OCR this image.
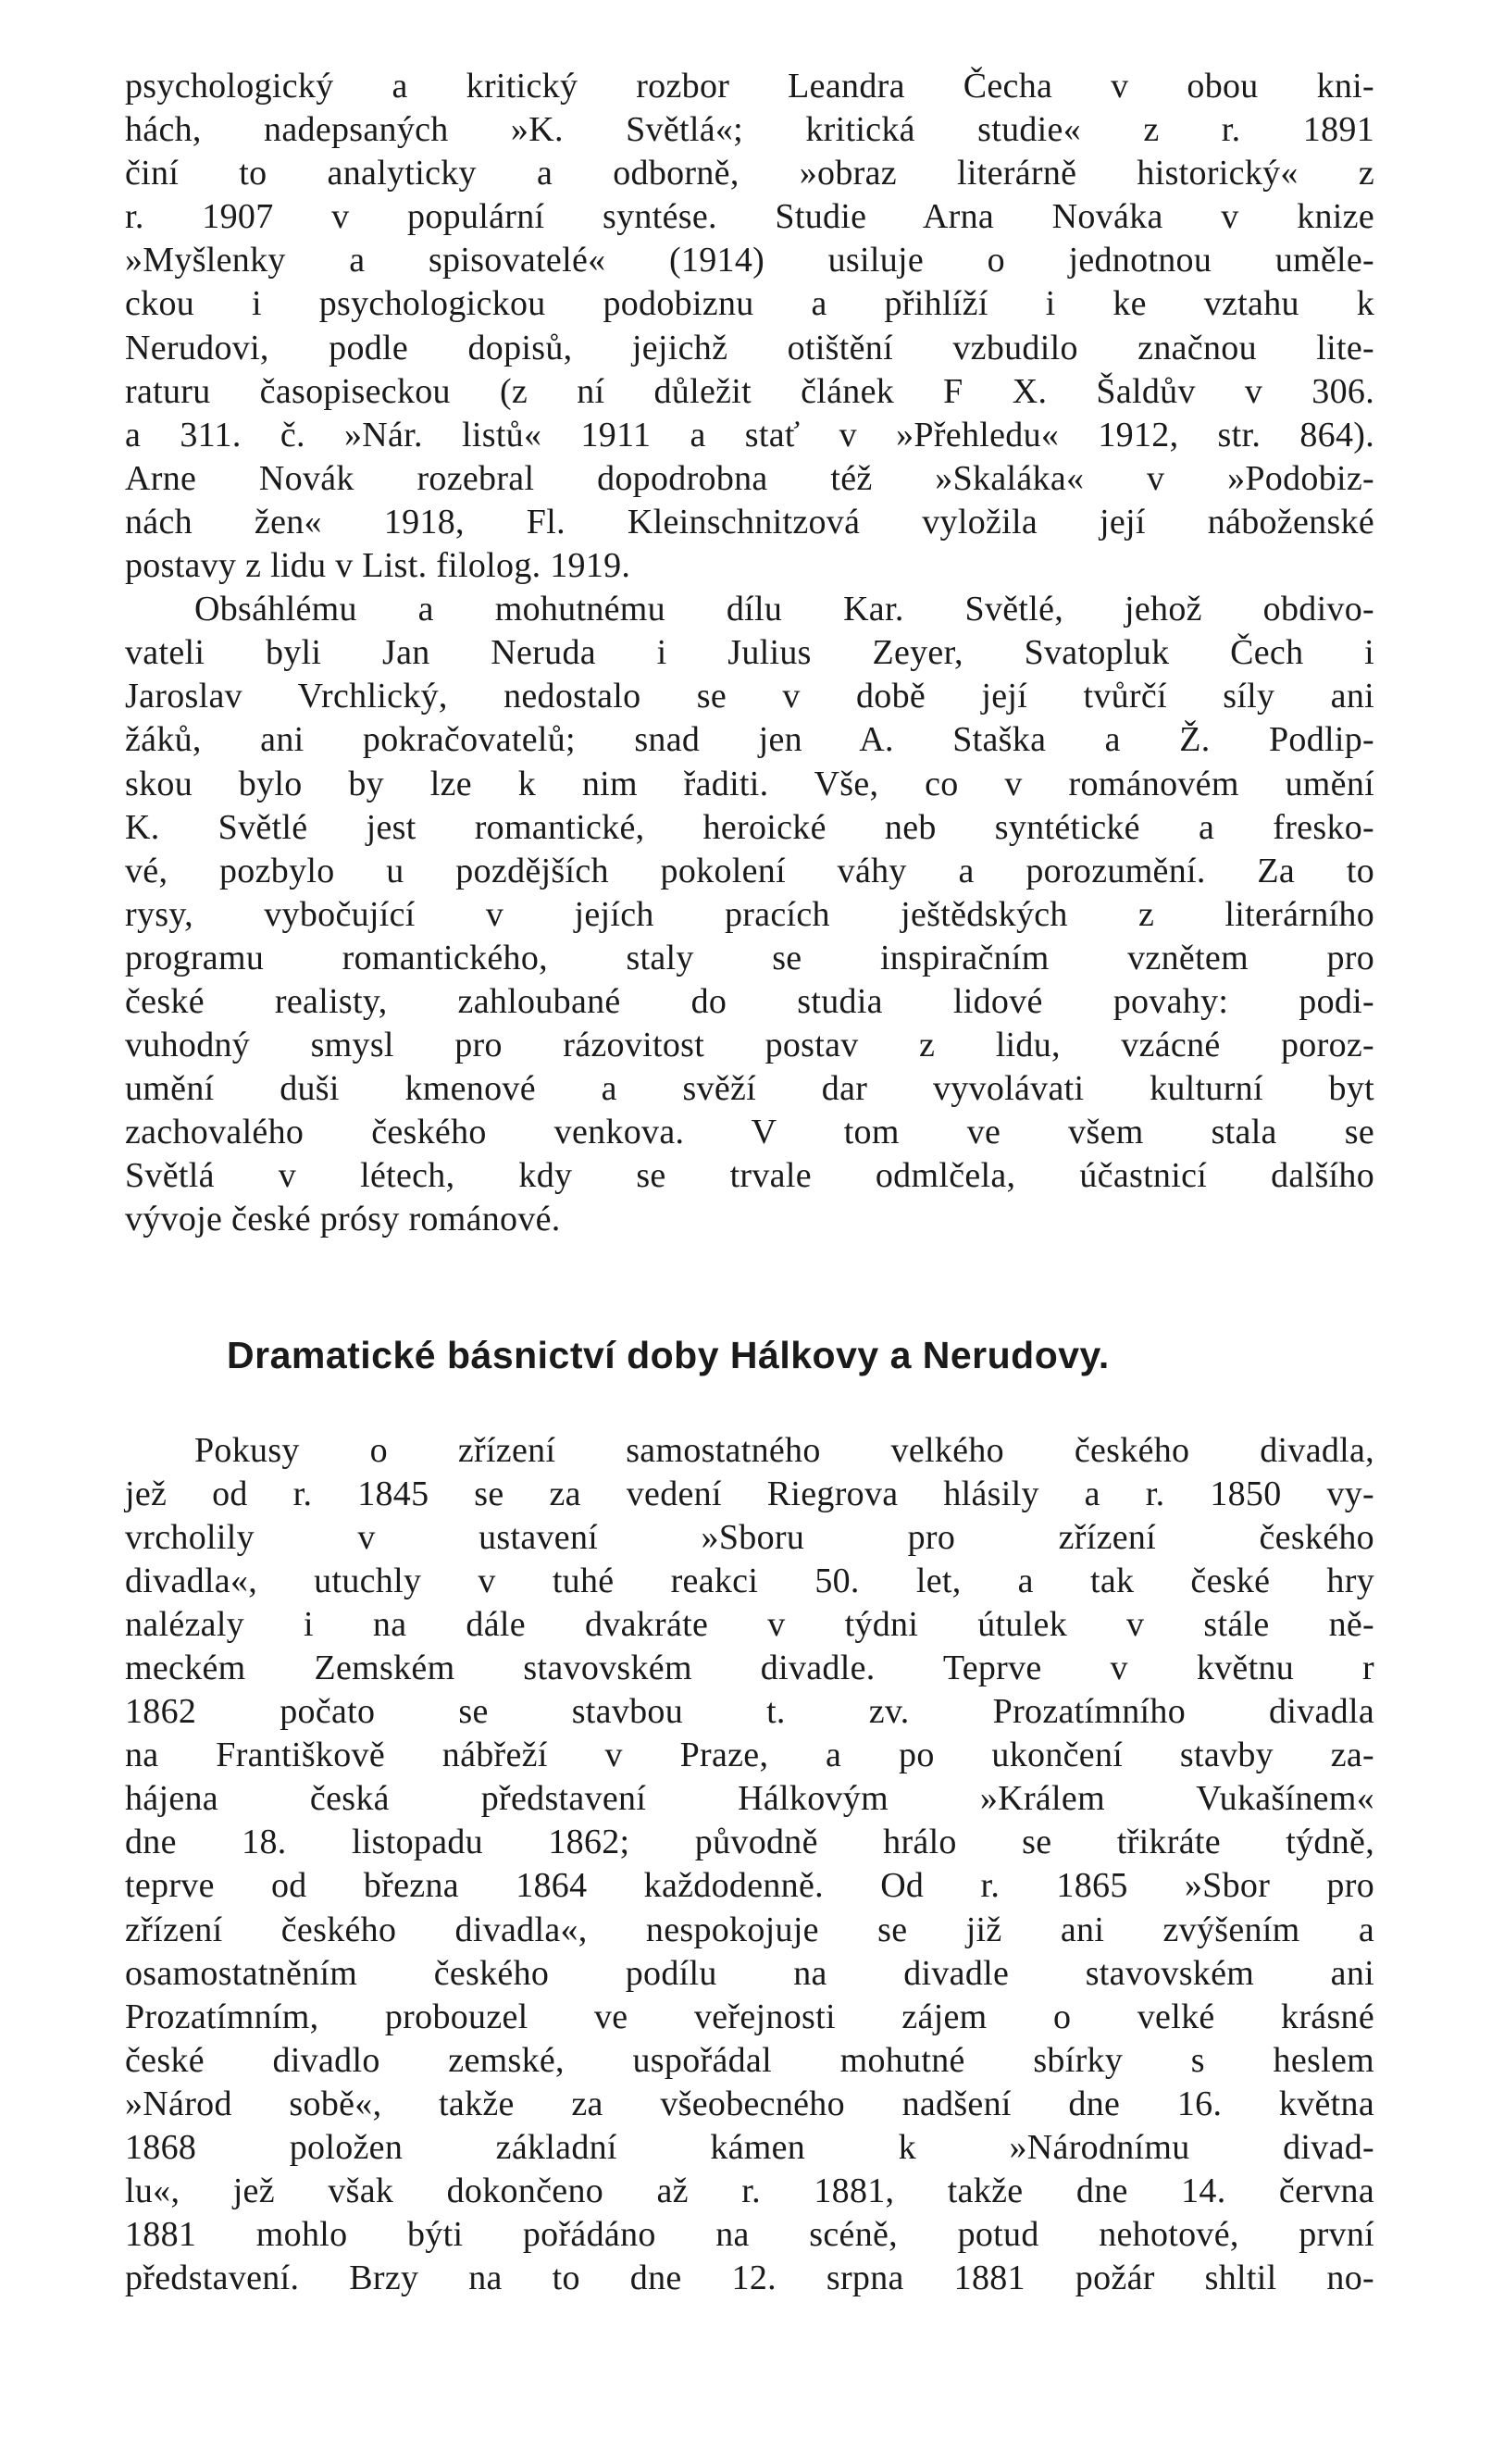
psychologický a kritický rozbor Leandra Čecha v obou kni-
hách, nadepsaných »K. Světlá«; kritická studie« z r. 1891
činí to analyticky a odborně, »obraz literárně historický« z
r. 1907 v populární syntése. Studie Arna Nováka v knize
»Myšlenky a spisovatelé« (1914) usiluje o jednotnou uměle-
ckou i psychologickou podobiznu a přihlíží i ke vztahu k
Nerudovi, podle dopisů, jejichž otištění vzbudilo značnou lite-
raturu časopiseckou (z ní důležit článek F X. Šaldův v 306.
a 311. č. »Nár. listů« 1911 a stať v »Přehledu« 1912, str. 864).
Arne Novák rozebral dopodrobna též »Skaláka« v »Podobiz-
nách žen« 1918, Fl. Kleinschnitzová vyložila její náboženské
postavy z lidu v List. filolog. 1919.
Obsáhlému a mohutnému dílu Kar. Světlé, jehož obdivo-
vateli byli Jan Neruda i Julius Zeyer, Svatopluk Čech i
Jaroslav Vrchlický, nedostalo se v době její tvůrčí síly ani
žáků, ani pokračovatelů; snad jen A. Staška a Ž. Podlip-
skou bylo by lze k nim řaditi. Vše, co v románovém umění
K. Světlé jest romantické, heroické neb syntétické a fresko-
vé, pozbylo u pozdějších pokolení váhy a porozumění. Za to
rysy, vybočující v jejích pracích ještědských z literárního
programu romantického, staly se inspiračním vznětem pro
české realisty, zahloubané do studia lidové povahy: podi-
vuhodný smysl pro rázovitost postav z lidu, vzácné poroz-
umění duši kmenové a svěží dar vyvolávati kulturní byt
zachovalého českého venkova. V tom ve všem stala se
Světlá v létech, kdy se trvale odmlčela, účastnicí dalšího
vývoje české prósy románové.
Dramatické básnictví doby Hálkovy a Nerudovy.
Pokusy o zřízení samostatného velkého českého divadla,
jež od r. 1845 se za vedení Riegrova hlásily a r. 1850 vy-
vrcholily v ustavení »Sboru pro zřízení českého
divadla«, utuchly v tuhé reakci 50. let, a tak české hry
nalézaly i na dále dvakráte v týdni útulek v stále ně-
meckém Zemském stavovském divadle. Teprve v květnu r
1862 počato se stavbou t. zv. Prozatímního divadla
na Františkově nábřeží v Praze, a po ukončení stavby za-
hájena česká představení Hálkovým »Králem Vukašínem«
dne 18. listopadu 1862; původně hrálo se třikráte týdně,
teprve od března 1864 každodenně. Od r. 1865 »Sbor pro
zřízení českého divadla«, nespokojuje se již ani zvýšením a
osamostatněním českého podílu na divadle stavovském ani
Prozatímním, probouzel ve veřejnosti zájem o velké krásné
české divadlo zemské, uspořádal mohutné sbírky s heslem
»Národ sobě«, takže za všeobecného nadšení dne 16. května
1868 položen základní kámen k »Národnímu divad-
lu«, jež však dokončeno až r. 1881, takže dne 14. června
1881 mohlo býti pořádáno na scéně, potud nehotové, první
představení. Brzy na to dne 12. srpna 1881 požár shltil no-
